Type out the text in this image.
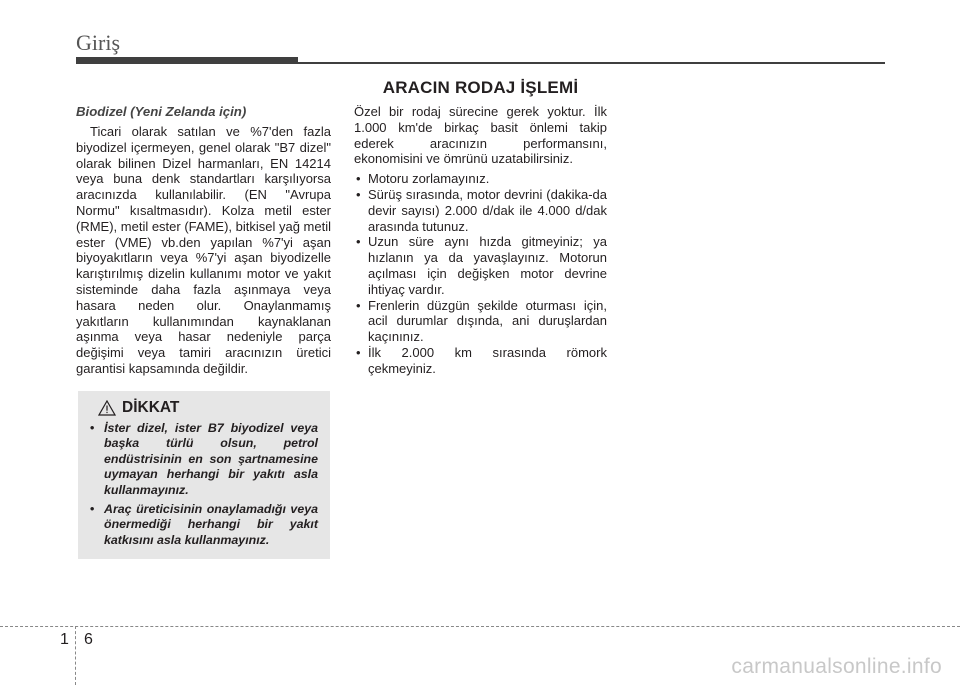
Giriş
ARACIN RODAJ İŞLEMİ

Biodizel (Yeni Zelanda için)

Ticari olarak satılan ve %7'den fazla biyodizel içermeyen, genel olarak "B7 dizel" olarak bilinen Dizel harmanları, EN 14214 veya buna denk standartları karşılıyorsa aracınızda kullanılabilir. (EN "Avrupa Normu" kısaltmasıdır). Kolza metil ester (RME), metil ester (FAME), bitkisel yağ metil ester (VME) vb.den yapılan %7'yi aşan biyoyakıtların veya %7'yi aşan biyodizelle karıştırılmış dizelin kullanımı motor ve yakıt sisteminde daha fazla aşınmaya veya hasara neden olur. Onaylanmamış yakıtların kullanımından kaynaklanan aşınma veya hasar nedeniyle parça değişimi veya tamiri aracınızın üretici garantisi kapsamında değildir.

DİKKAT
• İster dizel, ister B7 biyodizel veya başka türlü olsun, petrol endüstrisinin en son şartnamesine uymayan herhangi bir yakıtı asla kullanmayınız.
• Araç üreticisinin onaylamadığı veya önermediği herhangi bir yakıt katkısını asla kullanmayınız.

Özel bir rodaj sürecine gerek yoktur. İlk 1.000 km'de birkaç basit önlemi takip ederek aracınızın performansını, ekonomisini ve ömrünü uzatabilirsiniz.

• Motoru zorlamayınız.
• Sürüş sırasında, motor devrini (dakika-da devir sayısı) 2.000 d/dak ile 4.000 d/dak arasında tutunuz.
• Uzun süre aynı hızda gitmeyiniz; ya hızlanın ya da yavaşlayınız. Motorun açılması için değişken motor devrine ihtiyaç vardır.
• Frenlerin düzgün şekilde oturması için, acil durumlar dışında, ani duruşlardan kaçınınız.
• İlk 2.000 km sırasında römork çekmeyiniz.
1 6
carmanualsonline.info
